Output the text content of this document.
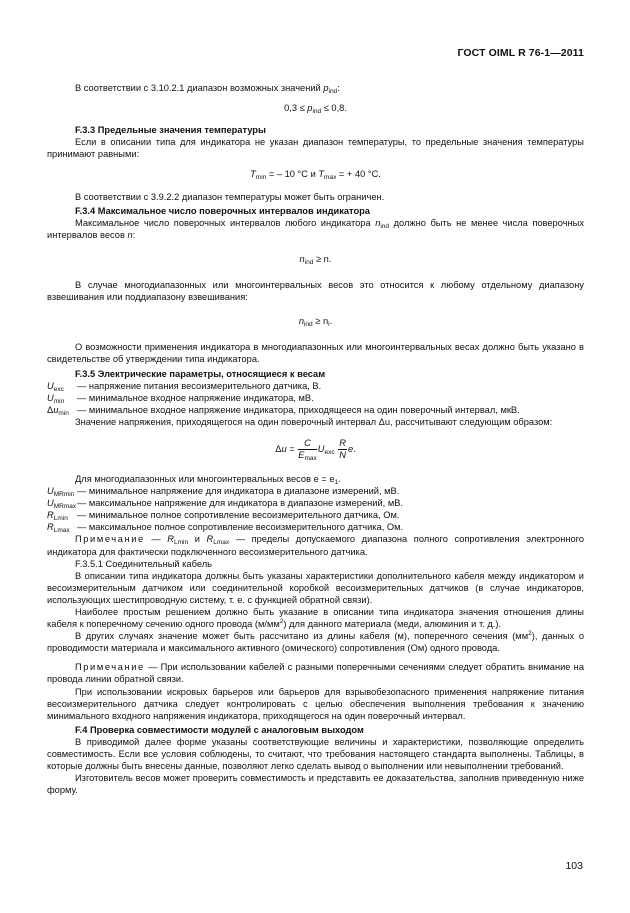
ГОСТ OIML R 76-1—2011

В соответствии с 3.10.2.1 диапазон возможных значений $p_{ind}$:

$0,3 \le p_{ind} \le 0,8$.

F.3.3 Предельные значения температуры

Если в описании типа для индикатора не указан диапазон температуры, то предельные значения температуры принимают равными:

$T_{min}$ = – 10 °C и $T_{max}$ = + 40 °C.

В соответствии с 3.9.2.2 диапазон температуры может быть ограничен.

F.3.4 Максимальное число поверочных интервалов индикатора

Максимальное число поверочных интервалов любого индикатора $n_{ind}$ должно быть не менее числа поверочных интервалов весов n:

$n_{ind} \ge n$.

В случае многодиапазонных или многоинтервальных весов это относится к любому отдельному диапазону взвешивания или поддиапазону взвешивания:

$n_{ind} \ge n_i$.

О возможности применения индикатора в многодиапазонных или многоинтервальных весах должно быть указано в свидетельстве об утверждении типа индикатора.

F.3.5 Электрические параметры, относящиеся к весам

$U_{exc}$	— напряжение питания весоизмерительного датчика, В.
$U_{min}$	— минимальное входное напряжение индикатора, мВ.
$\Delta u_{min}$ — минимальное входное напряжение индикатора, приходящееся на один поверочный интервал, мкВ.

Значение напряжения, приходящегося на один поверочный интервал Δu, рассчитывают следующим образом:

$\Delta u = \frac{C}{E_{max}} U_{exc} \frac{R}{N} e$.

Для многодиапазонных или многоинтервальных весов $e = e_1$.

$U_{MRmin}$ — минимальное напряжение для индикатора в диапазоне измерений, мВ.
$U_{MRmax}$ — максимальное напряжение для индикатора в диапазоне измерений, мВ.
$R_{Lmin}$ — минимальное полное сопротивление весоизмерительного датчика, Ом.
$R_{Lmax}$ — максимальное полное сопротивление весоизмерительного датчика, Ом.

Примечание — $R_{Lmin}$ и $R_{Lmax}$ — пределы допускаемого диапазона полного сопротивления электронного индикатора для фактически подключенного весоизмерительного датчика.

F.3.5.1 Соединительный кабель

В описании типа индикатора должны быть указаны характеристики дополнительного кабеля между индикатором и весоизмерительным датчиком или соединительной коробкой весоизмерительных датчиков (в случае индикаторов, использующих шестипроводную систему, т. е. с функцией обратной связи).

Наиболее простым решением должно быть указание в описании типа индикатора значения отношения длины кабеля к поперечному сечению одного провода $(м/мм^2)$ для данного материала (меди, алюминия и т. д.).

В других случаях значение может быть рассчитано из длины кабеля (м), поперечного сечения $(мм^2)$, данных о проводимости материала и максимального активного (омического) сопротивления (Ом) одного провода.

Примечание — При использовании кабелей с разными поперечными сечениями следует обратить внимание на провода линии обратной связи.

При использовании искровых барьеров или барьеров для взрывобезопасного применения напряжение питания весоизмерительного датчика следует контролировать с целью обеспечения выполнения требования к значению минимального входного напряжения индикатора, приходящегося на один поверочный интервал.

F.4 Проверка совместимости модулей с аналоговым выходом

В приводимой далее форме указаны соответствующие величины и характеристики, позволяющие определить совместимость. Если все условия соблюдены, то считают, что требования настоящего стандарта выполнены. Таблицы, в которые должны быть внесены данные, позволяют легко сделать вывод о выполнении или невыполнении требований.

Изготовитель весов может проверить совместимость и представить ее доказательства, заполнив приведенную ниже форму.

103
